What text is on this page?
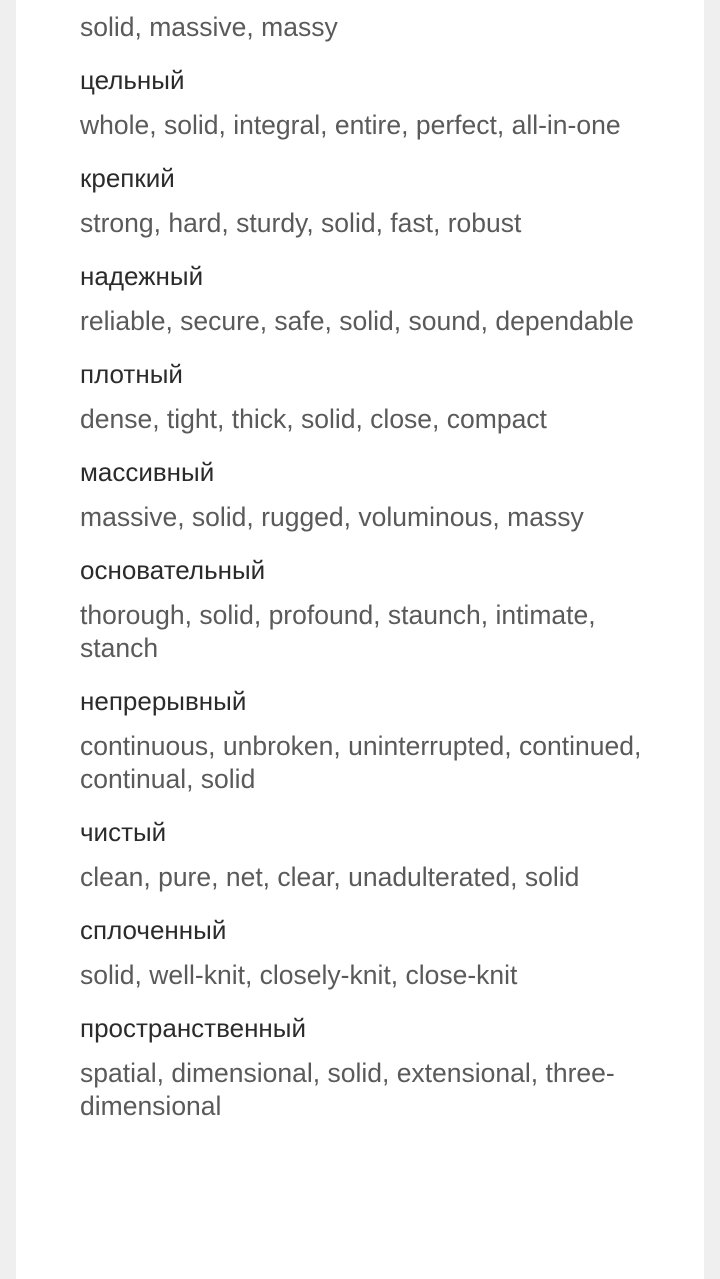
solid, massive, massy
цельный
whole, solid, integral, entire, perfect, all-in-one
крепкий
strong, hard, sturdy, solid, fast, robust
надежный
reliable, secure, safe, solid, sound, dependable
плотный
dense, tight, thick, solid, close, compact
массивный
massive, solid, rugged, voluminous, massy
основательный
thorough, solid, profound, staunch, intimate, stanch
непрерывный
continuous, unbroken, uninterrupted, continued, continual, solid
чистый
clean, pure, net, clear, unadulterated, solid
сплоченный
solid, well-knit, closely-knit, close-knit
пространственный
spatial, dimensional, solid, extensional, three-dimensional
